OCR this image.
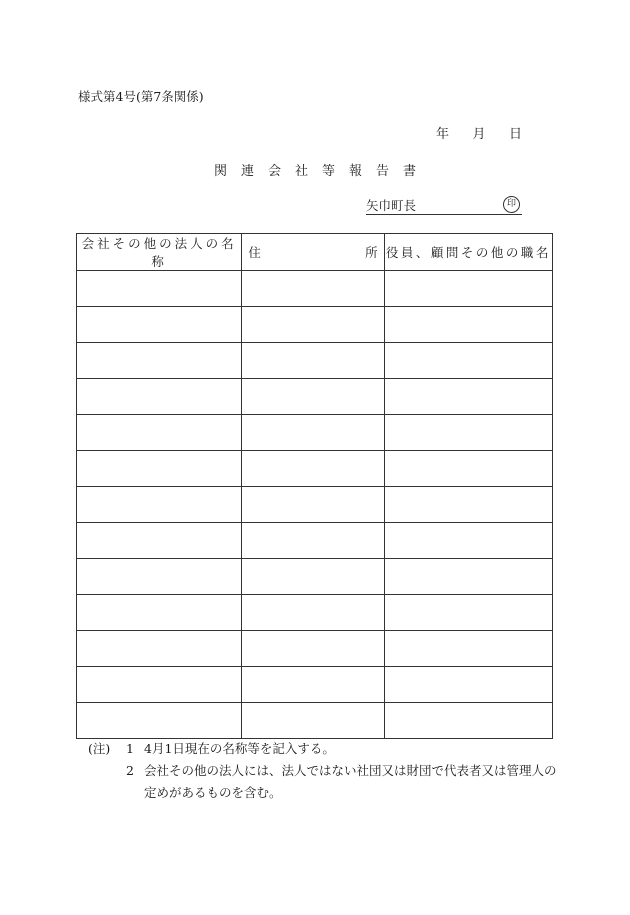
様式第4号(第7条関係)
年 月 日
関連会社等報告書
矢巾町長	印
会社その他の法人の名称	住 所	役員、顧問その他の職名

(注)	1 4月1日現在の名称等を記入する。
2 会社その他の法人には、法人ではない社団又は財団で代表者又は管理人の定めがあるものを含む。
